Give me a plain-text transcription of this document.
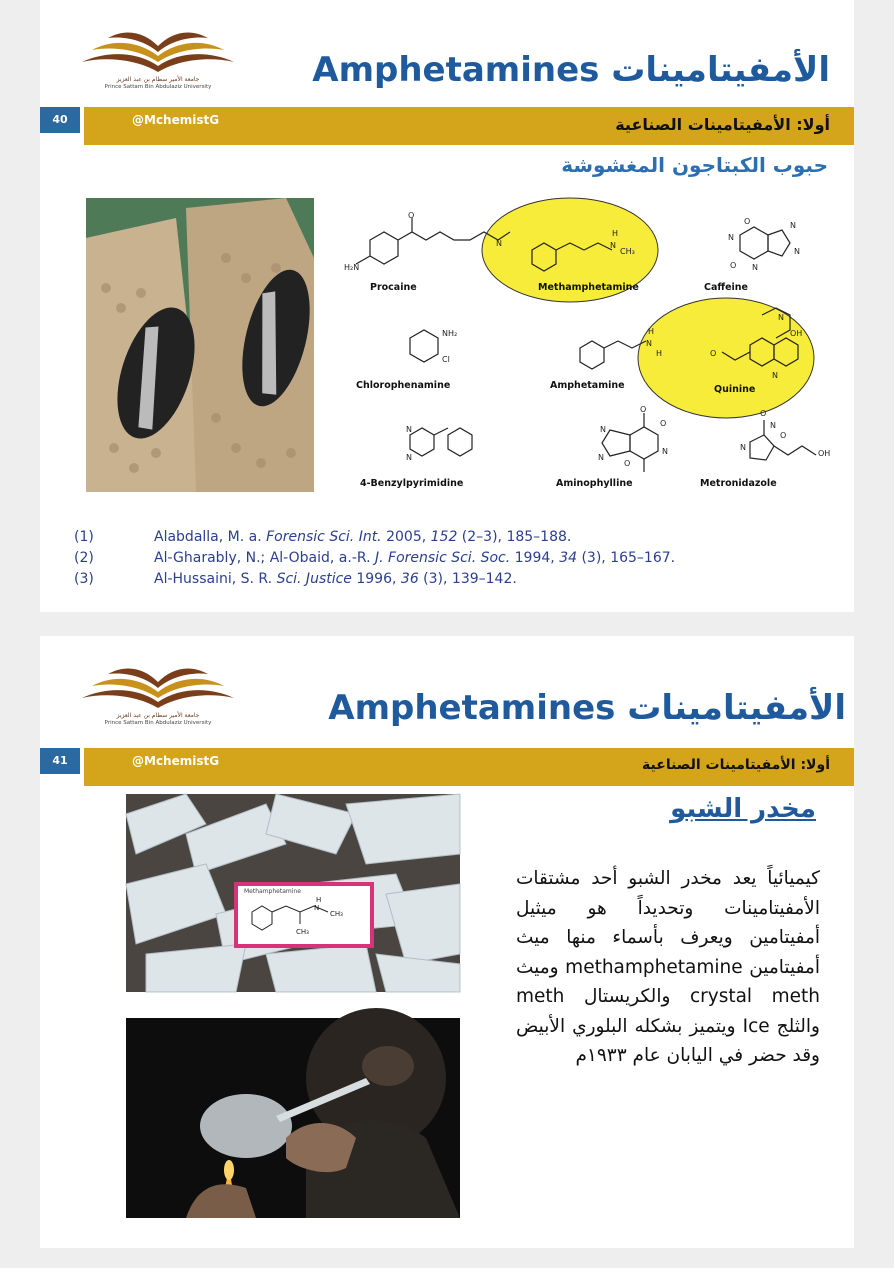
جامعة الأمير سطام بن عبد العزيز
Prince Sattam Bin Abdulaziz University	Amphetamines الأمفيتامينات
40	@MchemistG	أولا: الأمفيتامينات الصناعية
حبوب الكبتاجون المغشوشة
H₂N
O
N	N
H
CH₃
O
N
N
N
O N
NH₂
Cl
H
N
H
OH
N
O
N
N
N
N
N
O
O
O
N
O
N
O
N
OH
Procaine	Methamphetamine	Caffeine
Chlorophenamine	Amphetamine	Quinine
4-Benzylpyrimidine	Aminophylline	Metronidazole
(1)	Alabdalla, M. a. Forensic Sci. Int. 2005, 152 (2–3), 185–188.
(2)	Al-Gharably, N.; Al-Obaid, a.-R. J. Forensic Sci. Soc. 1994, 34 (3), 165–167.
(3)	Al-Hussaini, S. R. Sci. Justice 1996, 36 (3), 139–142.
جامعة الأمير سطام بن عبد العزيز
Prince Sattam Bin Abdulaziz University	Amphetamines الأمفيتامينات
41	@MchemistG	أولا: الأمفيتامينات الصناعية
Methamphetamine
H
N
CH₃
CH₃
مخدر الشبو
كيميائياً يعد مخدر الشبو أحد مشتقات الأمفيتامينات وتحديداً هو ميثيل أمفيتامين ويعرف بأسماء منها ميث أمفيتامين methamphetamine وميث crystal meth والكريستال meth والثلج Ice ويتميز بشكله البلوري الأبيض وقد حضر في اليابان عام ١٩٣٣م
